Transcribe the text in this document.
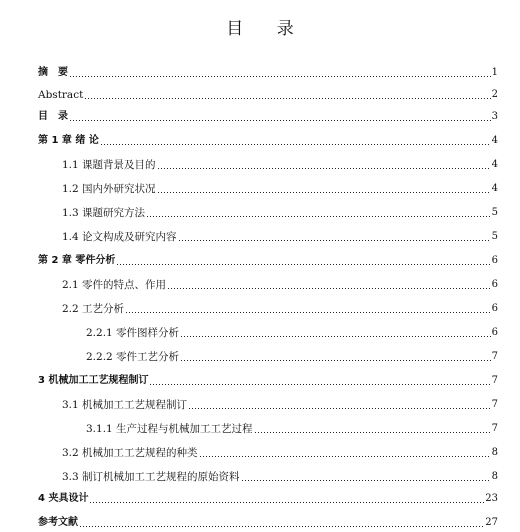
目 录
摘　要	1
Abstract	2
目　录	3
第 1 章 绪 论	4
1.1 课题背景及目的	4
1.2 国内外研究状况	4
1.3 课题研究方法	5
1.4 论文构成及研究内容	5
第 2 章 零件分析	6
2.1 零件的特点、作用	6
2.2 工艺分析	6
2.2.1 零件图样分析	6
2.2.2 零件工艺分析	7
3 机械加工工艺规程制订	7
3.1 机械加工工艺规程制订	7
3.1.1 生产过程与机械加工工艺过程	7
3.2 机械加工工艺规程的种类	8
3.3 制订机械加工工艺规程的原始资料	8
4 夹具设计	23
参考文献	27
